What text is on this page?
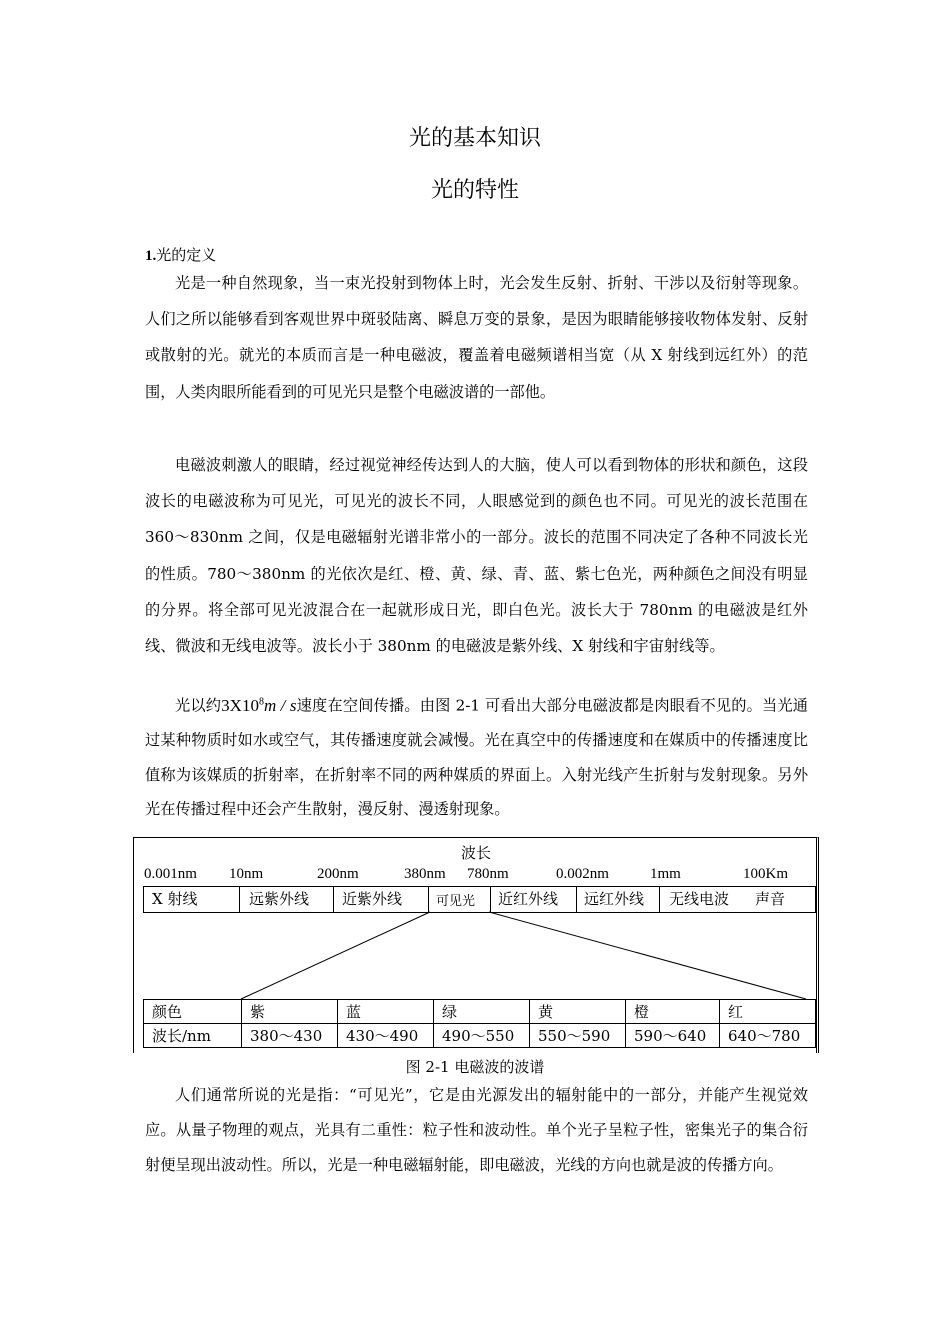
光的基本知识
光的特性
1.光的定义

光是一种自然现象，当一束光投射到物体上时，光会发生反射、折射、干涉以及衍射等现象。人们之所以能够看到客观世界中斑驳陆离、瞬息万变的景象，是因为眼睛能够接收物体发射、反射或散射的光。就光的本质而言是一种电磁波，覆盖着电磁频谱相当宽（从 X 射线到远红外）的范围，人类肉眼所能看到的可见光只是整个电磁波谱的一部他。

电磁波刺激人的眼睛，经过视觉神经传达到人的大脑，使人可以看到物体的形状和颜色，这段波长的电磁波称为可见光，可见光的波长不同，人眼感觉到的颜色也不同。可见光的波长范围在 360～830nm 之间，仅是电磁辐射光谱非常小的一部分。波长的范围不同决定了各种不同波长光的性质。780～380nm 的光依次是红、橙、黄、绿、青、蓝、紫七色光，两种颜色之间没有明显的分界。将全部可见光波混合在一起就形成日光，即白色光。波长大于 780nm 的电磁波是红外线、微波和无线电波等。波长小于 380nm 的电磁波是紫外线、X 射线和宇宙射线等。

光以约$3X10^8m$ / s速度在空间传播。由图 2-1 可看出大部分电磁波都是肉眼看不见的。当光通过某种物质时如水或空气，其传播速度就会减慢。光在真空中的传播速度和在媒质中的传播速度比值称为该媒质的折射率，在折射率不同的两种媒质的界面上。入射光线产生折射与发射现象。另外光在传播过程中还会产生散射，漫反射、漫透射现象。

波长
0.001nm 10nm	200nm	380nm 780nm	0.002nm	1mm	100Km
X 射线	远紫外线 近紫外线	可见光 近红外线 远红外线 无线电波 声音
颜色	紫	蓝	绿	黄	橙	红
波长/nm	380～430	430～490	490～550	550～590	590～640	640～780
图 2-1 电磁波的波谱

人们通常所说的光是指：“可见光”，它是由光源发出的辐射能中的一部分，并能产生视觉效应。从量子物理的观点，光具有二重性：粒子性和波动性。单个光子呈粒子性，密集光子的集合衍射便呈现出波动性。所以，光是一种电磁辐射能，即电磁波，光线的方向也就是波的传播方向。
